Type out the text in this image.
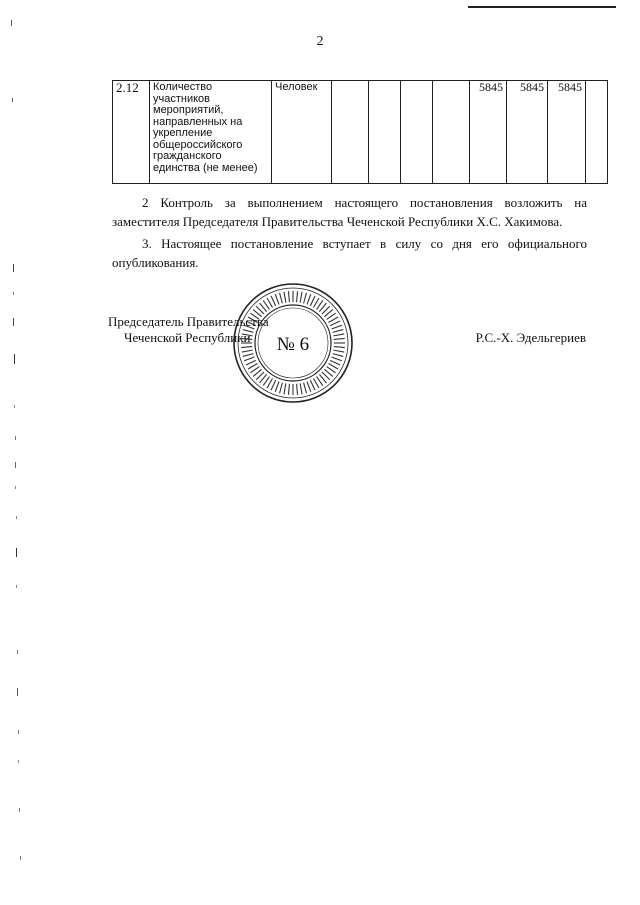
2
2.12	Количество участников мероприятий, направленных на укрепление общероссийского гражданского единства (не менее)	Человек					5845	5845	5845	
2 Контроль за выполнением настоящего постановления возложить на заместителя Председателя Правительства Чеченской Республики Х.С. Хакимова.
3. Настоящее постановление вступает в силу со дня его официального опубликования.
№ 6
Председатель Правительства
Чеченской Республики	Р.С.-Х. Эдельгериев
